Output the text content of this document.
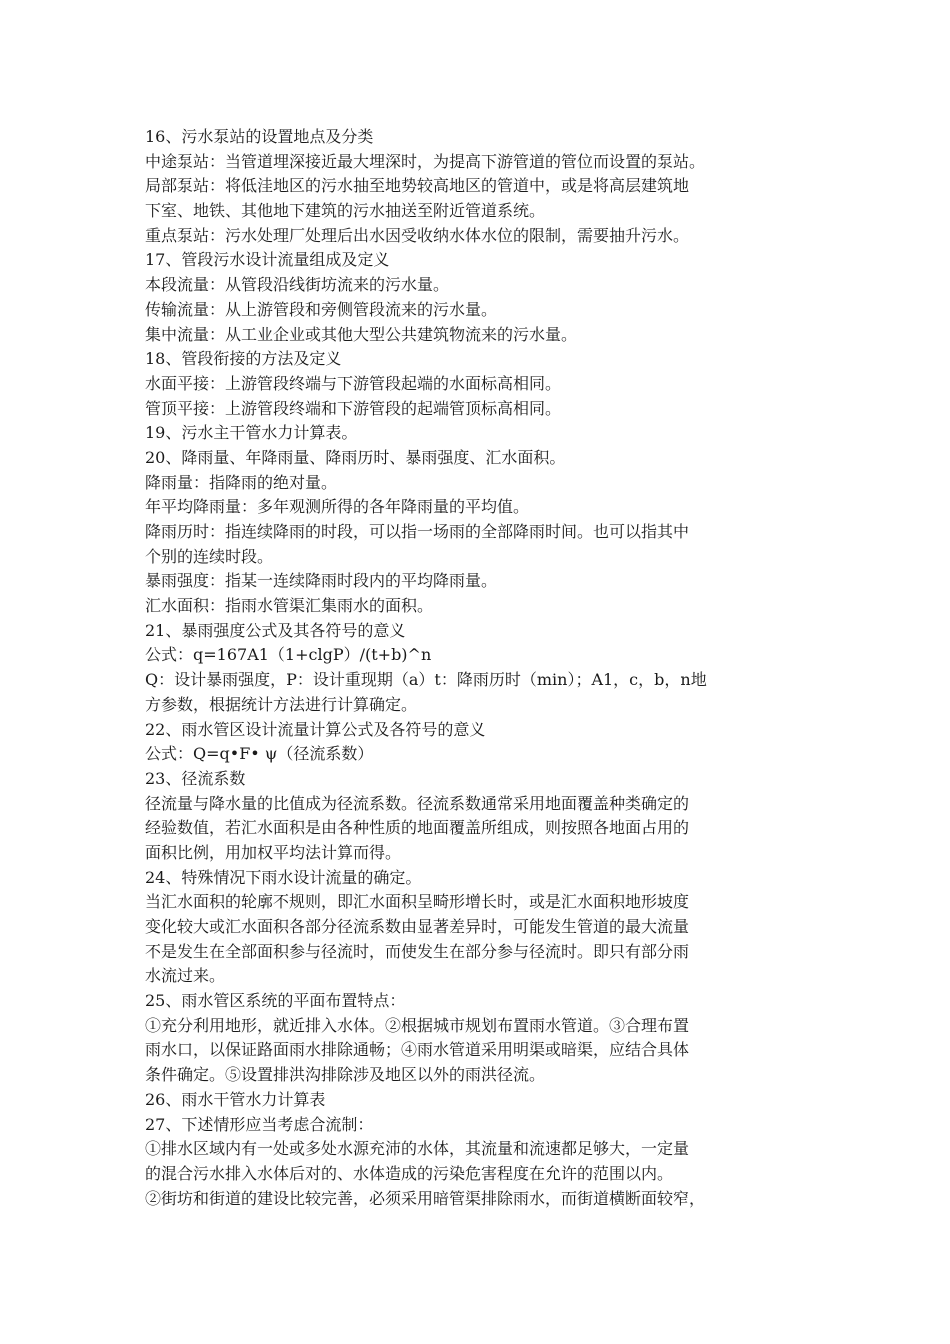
16、污水泵站的设置地点及分类
中途泵站：当管道埋深接近最大埋深时，为提高下游管道的管位而设置的泵站。
局部泵站：将低洼地区的污水抽至地势较高地区的管道中，或是将高层建筑地
下室、地铁、其他地下建筑的污水抽送至附近管道系统。
重点泵站：污水处理厂处理后出水因受收纳水体水位的限制，需要抽升污水。
17、管段污水设计流量组成及定义
本段流量：从管段沿线街坊流来的污水量。
传输流量：从上游管段和旁侧管段流来的污水量。
集中流量：从工业企业或其他大型公共建筑物流来的污水量。
18、管段衔接的方法及定义
水面平接：上游管段终端与下游管段起端的水面标高相同。
管顶平接：上游管段终端和下游管段的起端管顶标高相同。
19、污水主干管水力计算表。
20、降雨量、年降雨量、降雨历时、暴雨强度、汇水面积。
降雨量：指降雨的绝对量。
年平均降雨量：多年观测所得的各年降雨量的平均值。
降雨历时：指连续降雨的时段，可以指一场雨的全部降雨时间。也可以指其中
个别的连续时段。
暴雨强度：指某一连续降雨时段内的平均降雨量。
汇水面积：指雨水管渠汇集雨水的面积。
21、暴雨强度公式及其各符号的意义
公式：q=167A1（1+clgP）/(t+b)^n
Q：设计暴雨强度，P：设计重现期（a）t：降雨历时（min）；A1，c，b，n地
方参数，根据统计方法进行计算确定。
22、雨水管区设计流量计算公式及各符号的意义
公式：Q=q•F• ψ（径流系数）
23、径流系数
径流量与降水量的比值成为径流系数。径流系数通常采用地面覆盖种类确定的
经验数值，若汇水面积是由各种性质的地面覆盖所组成，则按照各地面占用的
面积比例，用加权平均法计算而得。
24、特殊情况下雨水设计流量的确定。
当汇水面积的轮廓不规则，即汇水面积呈畸形增长时，或是汇水面积地形坡度
变化较大或汇水面积各部分径流系数由显著差异时，可能发生管道的最大流量
不是发生在全部面积参与径流时，而使发生在部分参与径流时。即只有部分雨
水流过来。
25、雨水管区系统的平面布置特点：
①充分利用地形，就近排入水体。②根据城市规划布置雨水管道。③合理布置
雨水口，以保证路面雨水排除通畅；④雨水管道采用明渠或暗渠，应结合具体
条件确定。⑤设置排洪沟排除涉及地区以外的雨洪径流。
26、雨水干管水力计算表
27、下述情形应当考虑合流制：
①排水区域内有一处或多处水源充沛的水体，其流量和流速都足够大，一定量
的混合污水排入水体后对的、水体造成的污染危害程度在允许的范围以内。
②街坊和街道的建设比较完善，必须采用暗管渠排除雨水，而街道横断面较窄，
